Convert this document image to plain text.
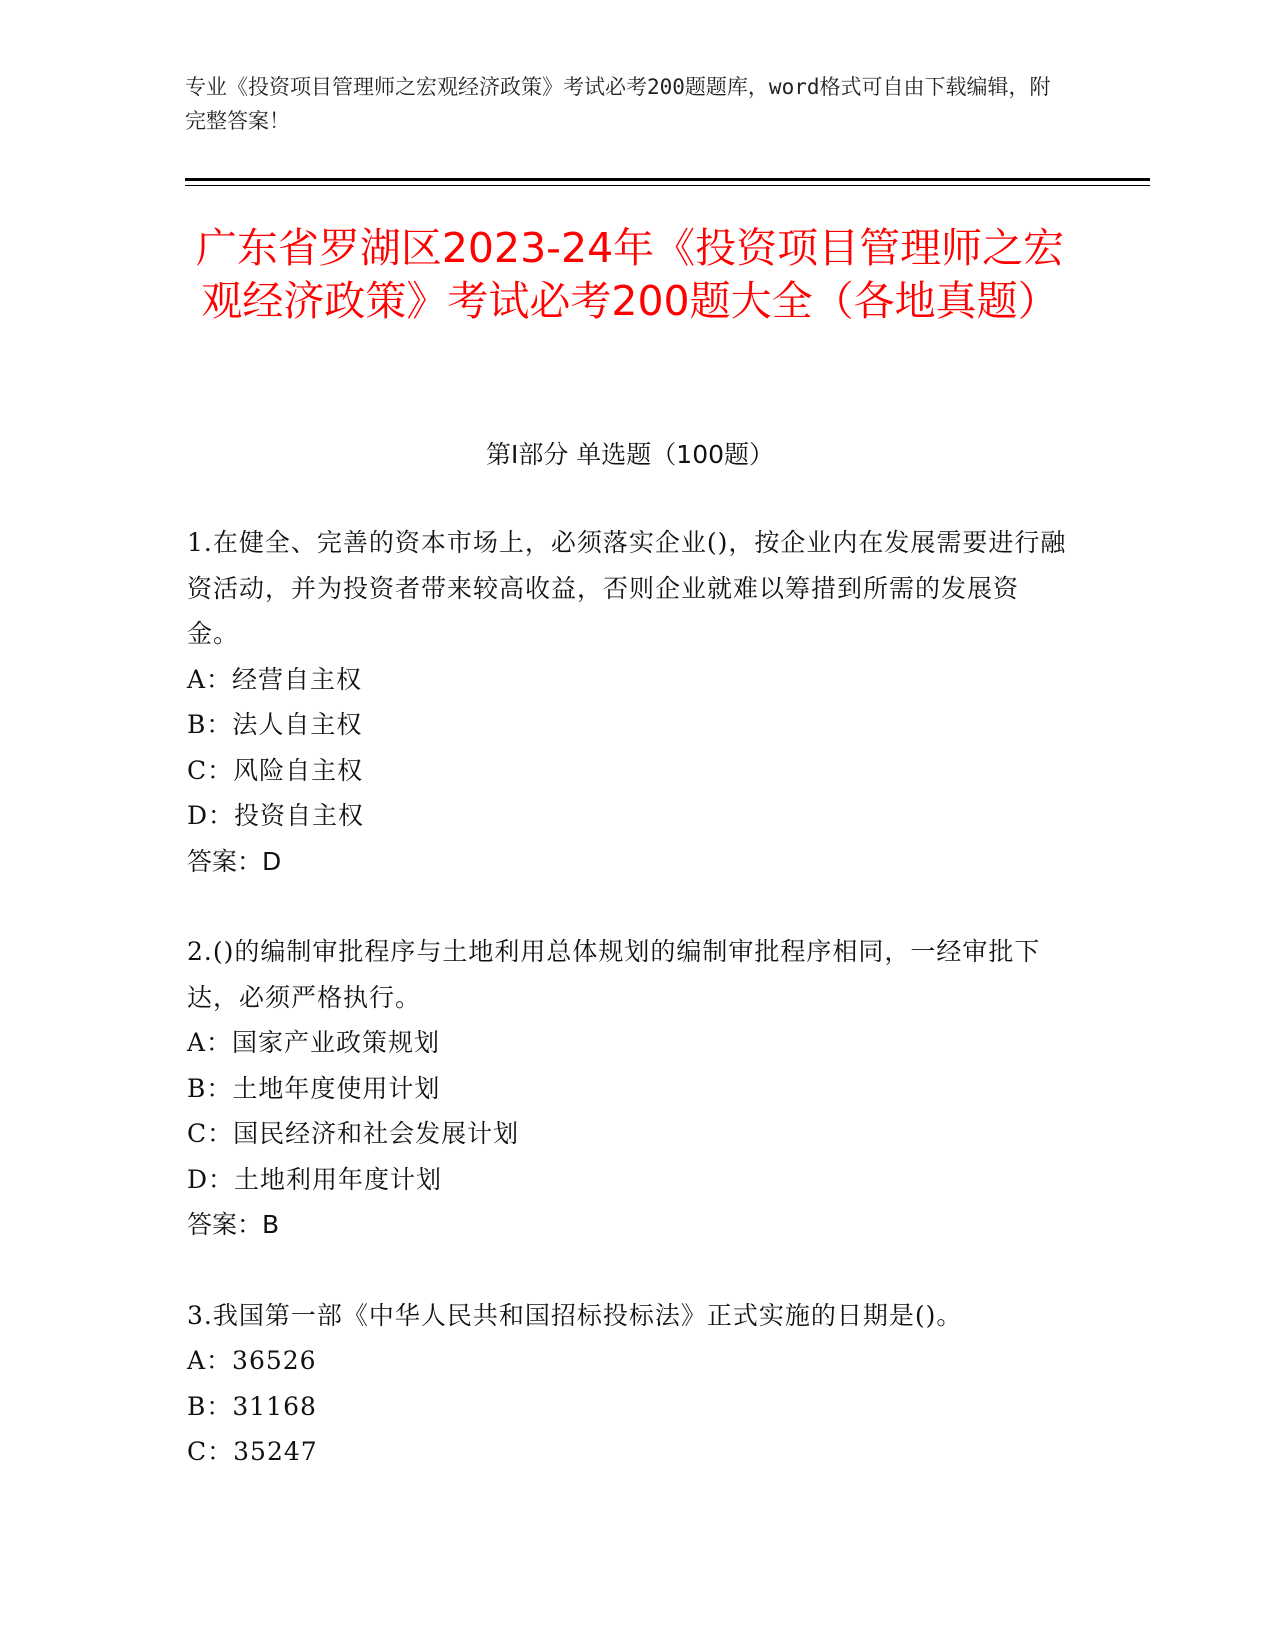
专业《投资项目管理师之宏观经济政策》考试必考200题题库，word格式可自由下载编辑，附完整答案！
广东省罗湖区2023-24年《投资项目管理师之宏观经济政策》考试必考200题大全（各地真题）
第I部分 单选题（100题）
1.在健全、完善的资本市场上，必须落实企业()，按企业内在发展需要进行融资活动，并为投资者带来较高收益，否则企业就难以筹措到所需的发展资金。
A：经营自主权
B：法人自主权
C：风险自主权
D：投资自主权
答案：D
2.()的编制审批程序与土地利用总体规划的编制审批程序相同，一经审批下达，必须严格执行。
A：国家产业政策规划
B：土地年度使用计划
C：国民经济和社会发展计划
D：土地利用年度计划
答案：B
3.我国第一部《中华人民共和国招标投标法》正式实施的日期是()。
A：36526
B：31168
C：35247
